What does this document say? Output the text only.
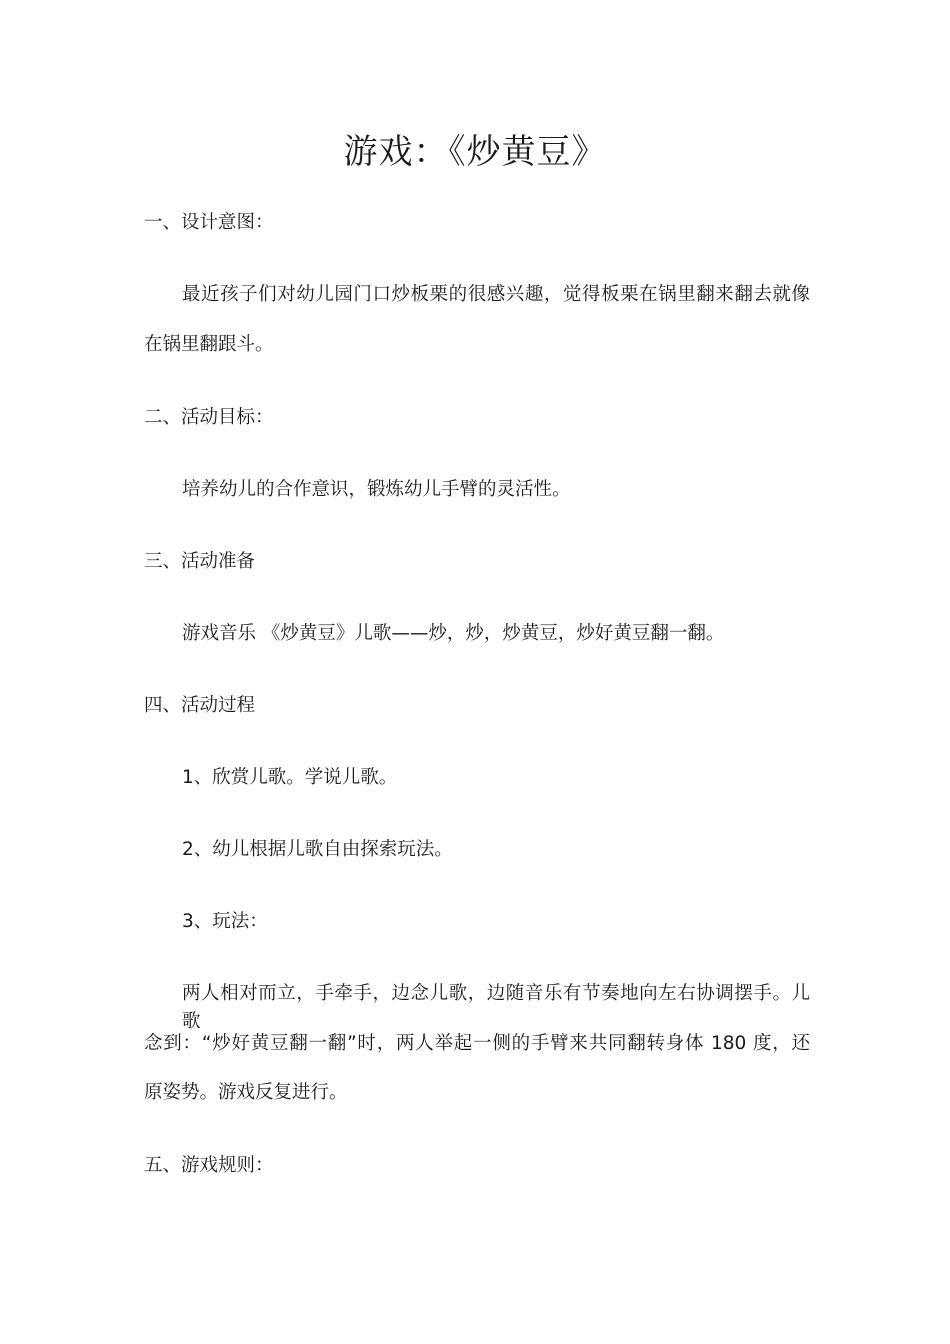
游戏：《炒黄豆》
一、设计意图：
最近孩子们对幼儿园门口炒板栗的很感兴趣，觉得板栗在锅里翻来翻去就像
在锅里翻跟斗。
二、活动目标：
培养幼儿的合作意识，锻炼幼儿手臂的灵活性。
三、活动准备
游戏音乐 《炒黄豆》儿歌——炒，炒，炒黄豆，炒好黄豆翻一翻。
四、活动过程
1、欣赏儿歌。学说儿歌。
2、幼儿根据儿歌自由探索玩法。
3、玩法：
两人相对而立，手牵手，边念儿歌，边随音乐有节奏地向左右协调摆手。儿歌
念到：“炒好黄豆翻一翻”时，两人举起一侧的手臂来共同翻转身体 180 度，还
原姿势。游戏反复进行。
五、游戏规则：
